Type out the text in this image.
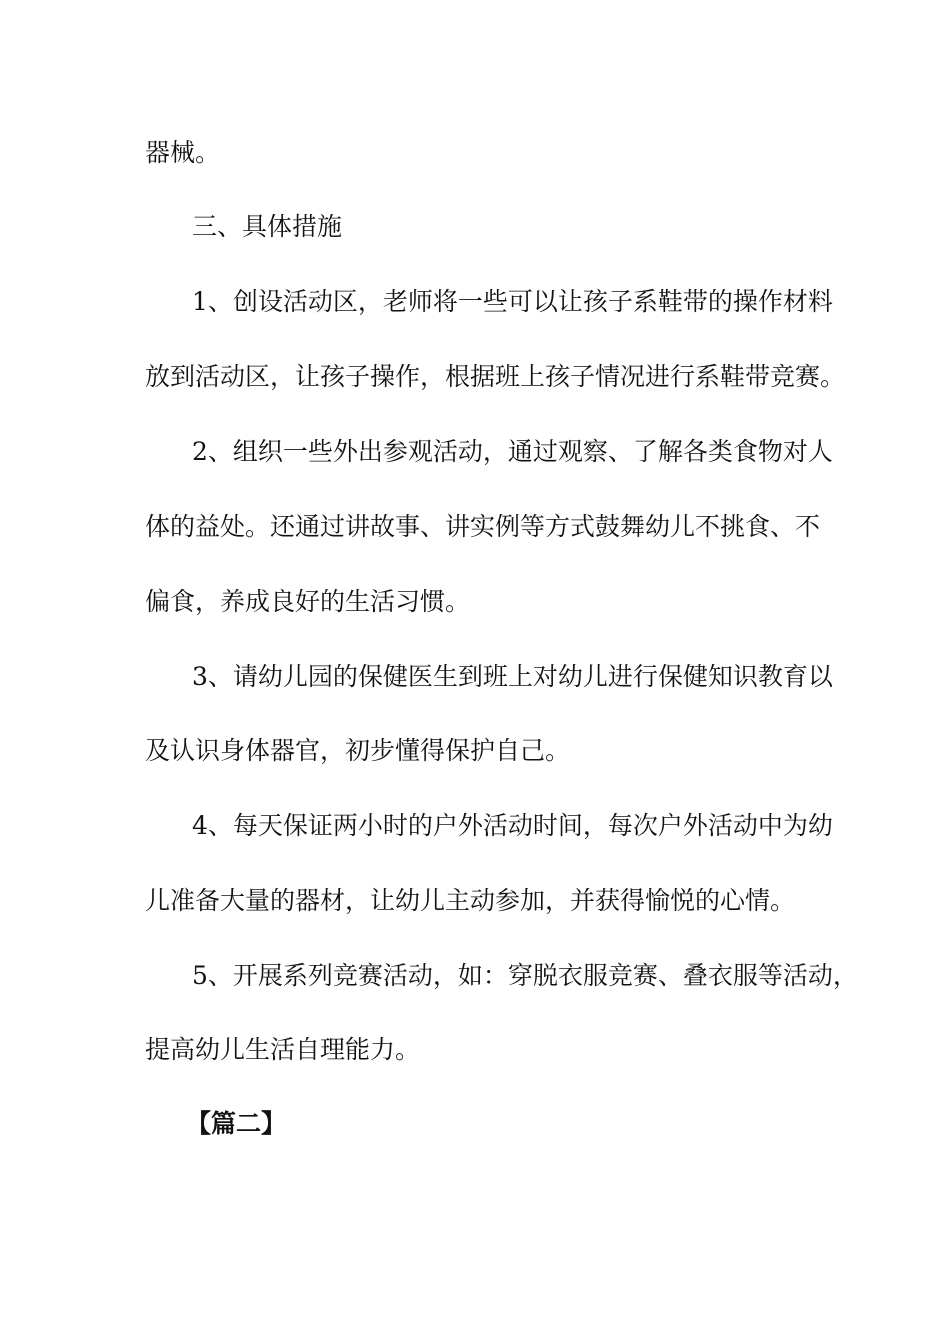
器械。

三、具体措施

1、创设活动区，老师将一些可以让孩子系鞋带的操作材料

放到活动区，让孩子操作，根据班上孩子情况进行系鞋带竞赛。

2、组织一些外出参观活动，通过观察、了解各类食物对人

体的益处。还通过讲故事、讲实例等方式鼓舞幼儿不挑食、不

偏食，养成良好的生活习惯。

3、请幼儿园的保健医生到班上对幼儿进行保健知识教育以

及认识身体器官，初步懂得保护自己。

4、每天保证两小时的户外活动时间，每次户外活动中为幼

儿准备大量的器材，让幼儿主动参加，并获得愉悦的心情。

5、开展系列竞赛活动，如：穿脱衣服竞赛、叠衣服等活动，

提高幼儿生活自理能力。

【篇二】
